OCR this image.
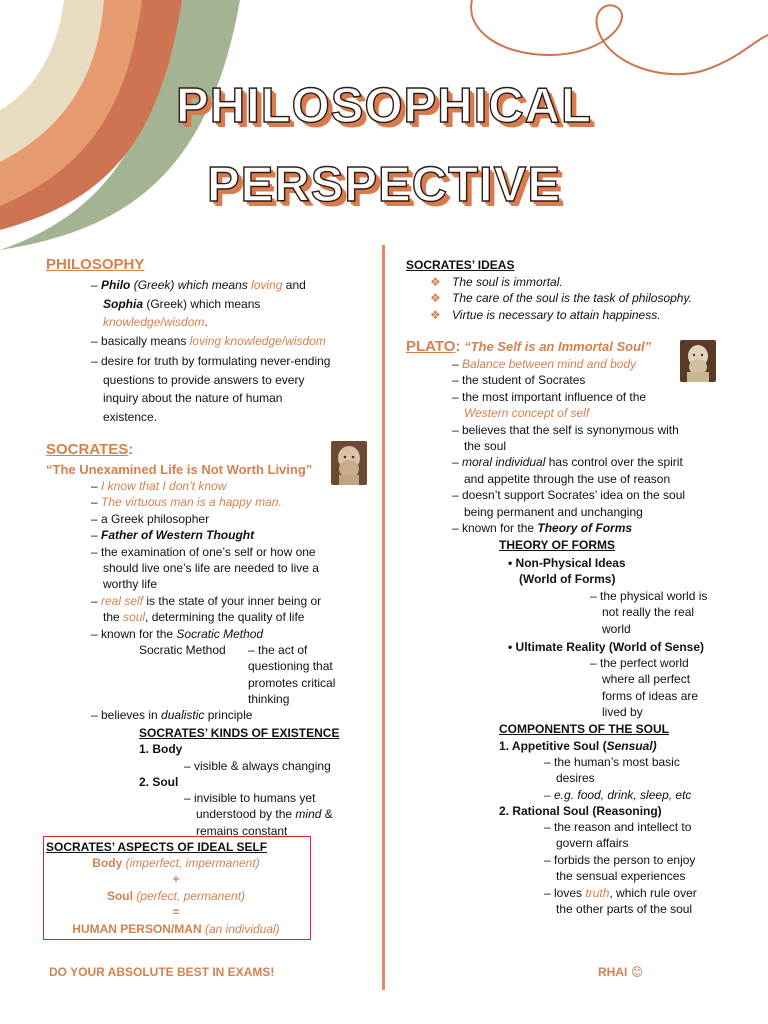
PHILOSOPHICAL
PERSPECTIVE
PHILOSOPHY
– Philo (Greek) which means loving and
Sophia (Greek) which means
knowledge/wisdom.
– basically means loving knowledge/wisdom
– desire for truth by formulating never-ending
questions to provide answers to every
inquiry about the nature of human
existence.
SOCRATES:
“The Unexamined Life is Not Worth Living”
– I know that I don’t know
– The virtuous man is a happy man.
– a Greek philosopher
– Father of Western Thought
– the examination of one’s self or how one
should live one’s life are needed to live a
worthy life
– real self is the state of your inner being or
the soul, determining the quality of life
– known for the Socratic Method
Socratic Method – the act of
questioning that
promotes critical
thinking
– believes in dualistic principle
SOCRATES’ KINDS OF EXISTENCE
1. Body
– visible & always changing
2. Soul
– invisible to humans yet
understood by the mind &
remains constant
SOCRATES’ ASPECTS OF IDEAL SELF
Body (imperfect, impermanent)
+
Soul (perfect, permanent)
=
HUMAN PERSON/MAN (an individual)
DO YOUR ABSOLUTE BEST IN EXAMS!
SOCRATES’ IDEAS
❖ The soul is immortal.
❖ The care of the soul is the task of philosophy.
❖ Virtue is necessary to attain happiness.
PLATO: “The Self is an Immortal Soul”
– Balance between mind and body
– the student of Socrates
– the most important influence of the
Western concept of self
– believes that the self is synonymous with
the soul
– moral individual has control over the spirit
and appetite through the use of reason
– doesn’t support Socrates’ idea on the soul
being permanent and unchanging
– known for the Theory of Forms
THEORY OF FORMS
• Non-Physical Ideas
(World of Forms)
– the physical world is
not really the real
world
• Ultimate Reality (World of Sense)
– the perfect world
where all perfect
forms of ideas are
lived by
COMPONENTS OF THE SOUL
1. Appetitive Soul (Sensual)
– the human’s most basic
desires
– e.g. food, drink, sleep, etc
2. Rational Soul (Reasoning)
– the reason and intellect to
govern affairs
– forbids the person to enjoy
the sensual experiences
– loves truth, which rule over
the other parts of the soul
RHAI 😊
